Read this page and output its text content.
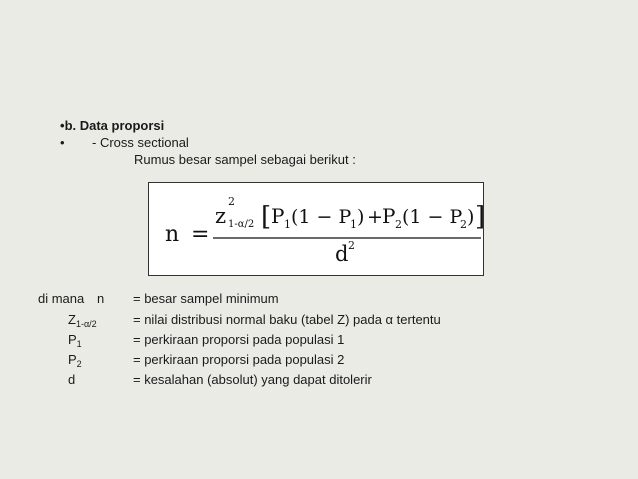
•b. Data proporsi
• - Cross sectional
Rumus besar sampel sebagai berikut :
n =
z
2
1-α/2 [ P 1 (1 − P
1 ) + P 2 (1 − P
2 ) ]
d 2
di mana n = besar sampel minimum
$Z_{1-\alpha/2}$	= nilai distribusi normal baku (tabel Z) pada α tertentu
$P_1$	= perkiraan proporsi pada populasi 1
$P_2$	= perkiraan proporsi pada populasi 2
d	= kesalahan (absolut) yang dapat ditolerir
